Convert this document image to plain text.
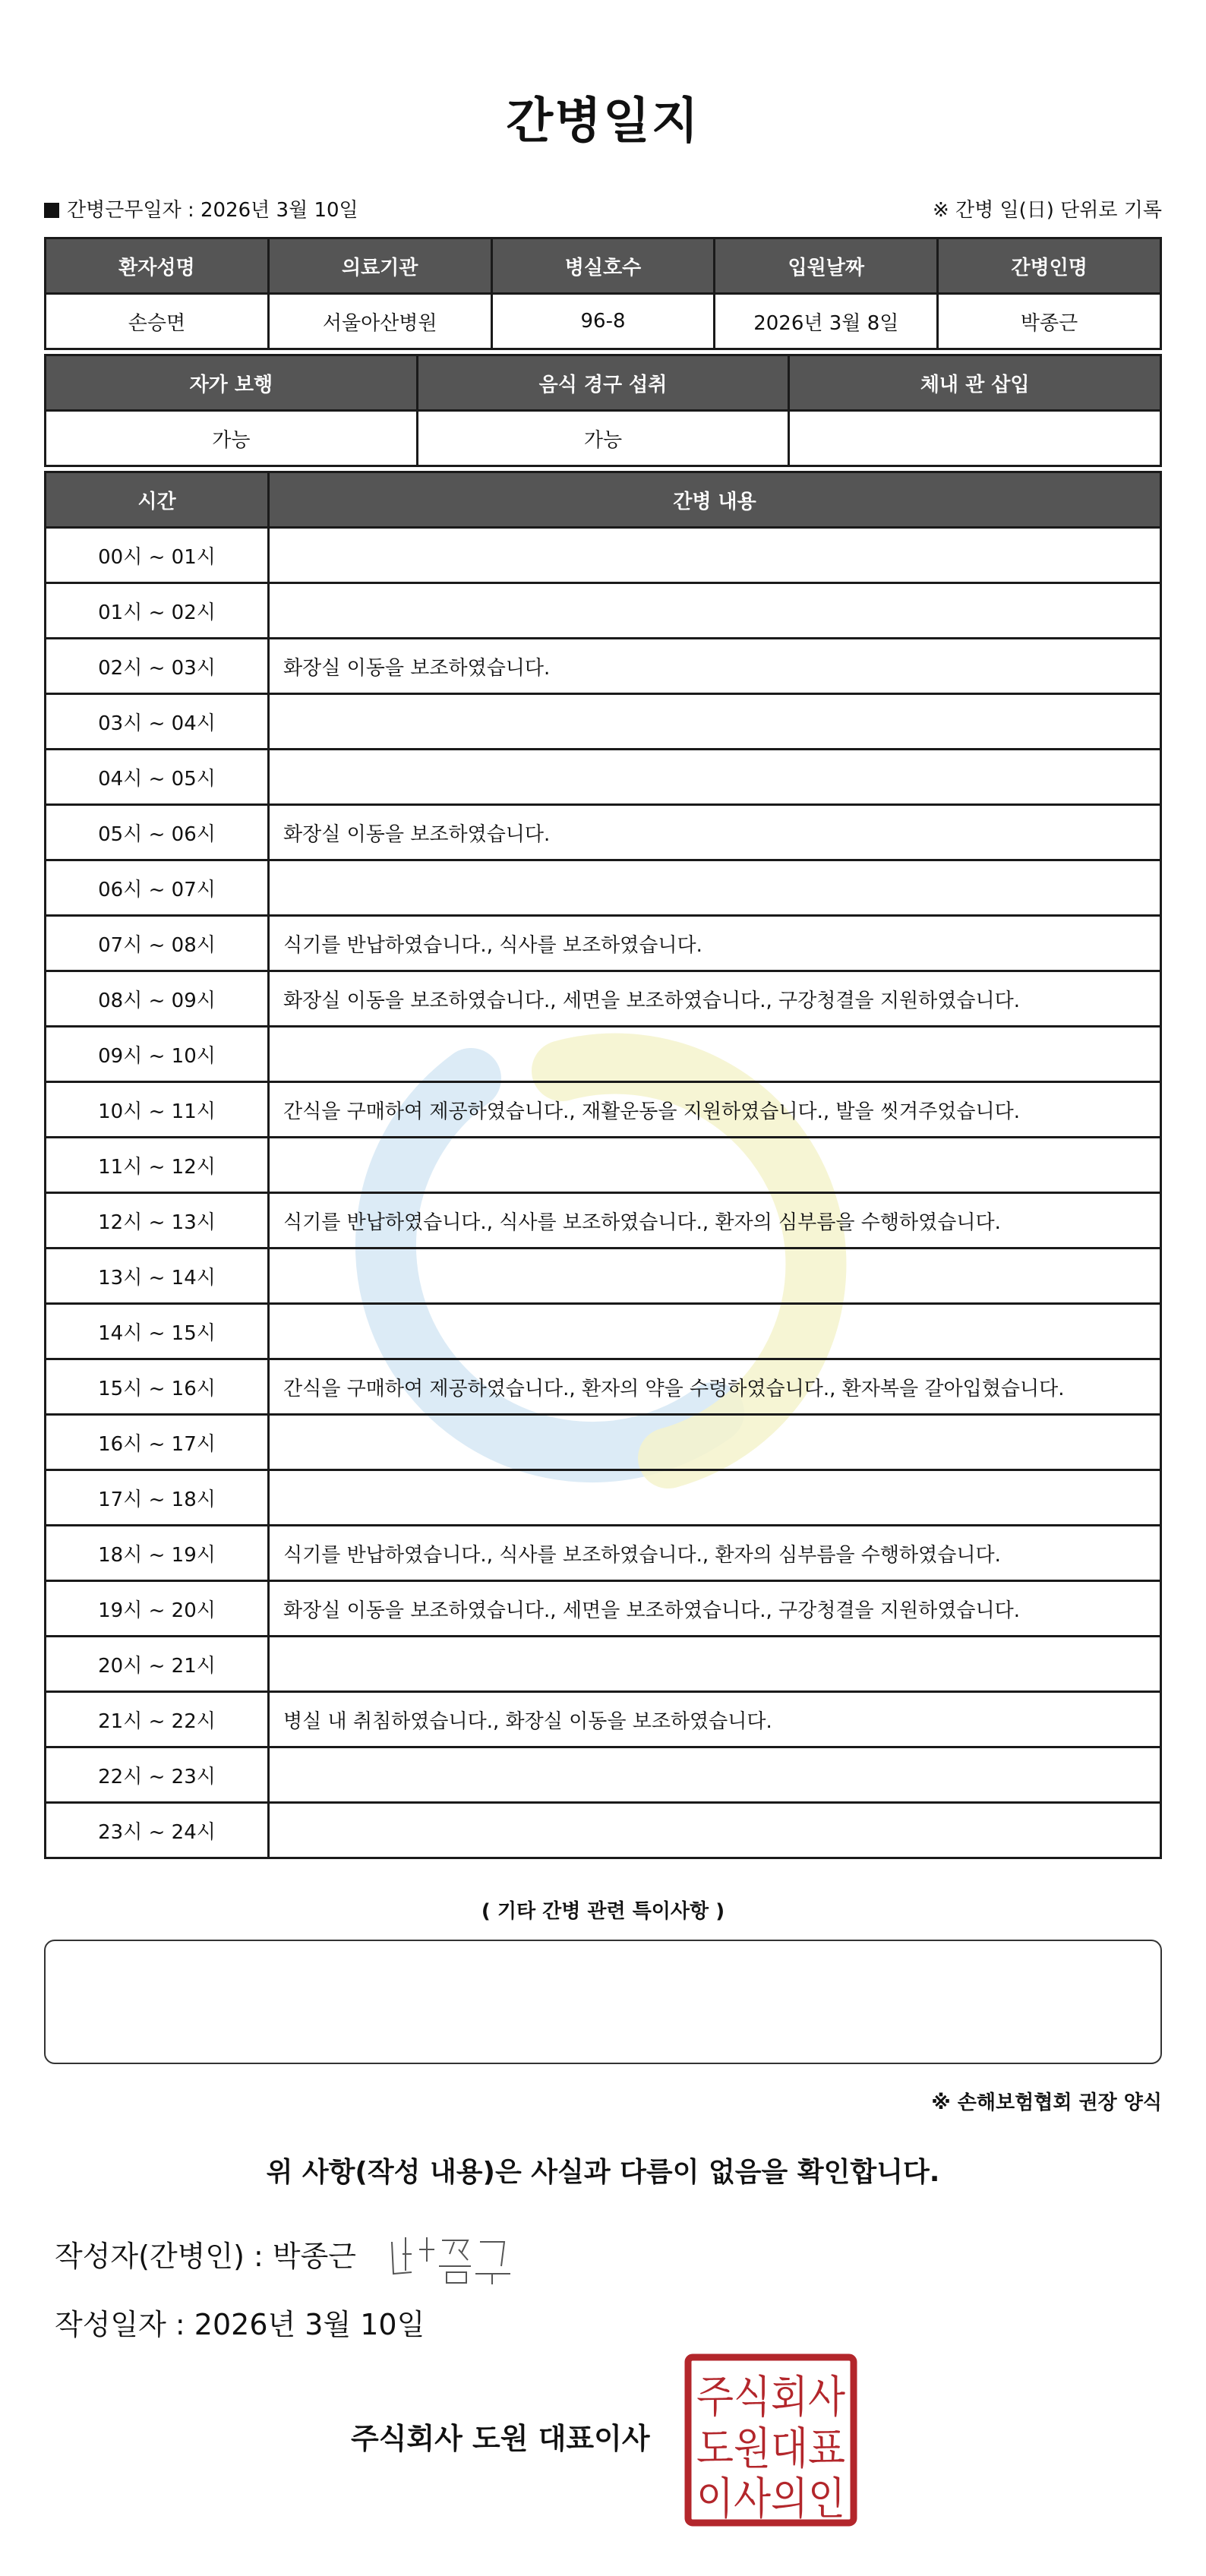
간병일지
간병근무일자 : 2026년 3월 10일	※ 간병 일(日) 단위로 기록
환자성명	의료기관	병실호수	입원날짜	간병인명
손승면	서울아산병원	96-8	2026년 3월 8일	박종근
자가 보행	음식 경구 섭취	체내 관 삽입
가능	가능	
시간	간병 내용
00시 ~ 01시	
01시 ~ 02시	
02시 ~ 03시	화장실 이동을 보조하였습니다.
03시 ~ 04시	
04시 ~ 05시	
05시 ~ 06시	화장실 이동을 보조하였습니다.
06시 ~ 07시	
07시 ~ 08시	식기를 반납하였습니다., 식사를 보조하였습니다.
08시 ~ 09시	화장실 이동을 보조하였습니다., 세면을 보조하였습니다., 구강청결을 지원하였습니다.
09시 ~ 10시	
10시 ~ 11시	간식을 구매하여 제공하였습니다., 재활운동을 지원하였습니다., 발을 씻겨주었습니다.
11시 ~ 12시	
12시 ~ 13시	식기를 반납하였습니다., 식사를 보조하였습니다., 환자의 심부름을 수행하였습니다.
13시 ~ 14시	
14시 ~ 15시	
15시 ~ 16시	간식을 구매하여 제공하였습니다., 환자의 약을 수령하였습니다., 환자복을 갈아입혔습니다.
16시 ~ 17시	
17시 ~ 18시	
18시 ~ 19시	식기를 반납하였습니다., 식사를 보조하였습니다., 환자의 심부름을 수행하였습니다.
19시 ~ 20시	화장실 이동을 보조하였습니다., 세면을 보조하였습니다., 구강청결을 지원하였습니다.
20시 ~ 21시	
21시 ~ 22시	병실 내 취침하였습니다., 화장실 이동을 보조하였습니다.
22시 ~ 23시	
23시 ~ 24시	
( 기타 간병 관련 특이사항 )
※ 손해보험협회 권장 양식
위 사항(작성 내용)은 사실과 다름이 없음을 확인합니다.
작성자(간병인) : 박종근
작성일자 : 2026년 3월 10일
주식회사 도원 대표이사
주식회사
도원대표
이사의인
